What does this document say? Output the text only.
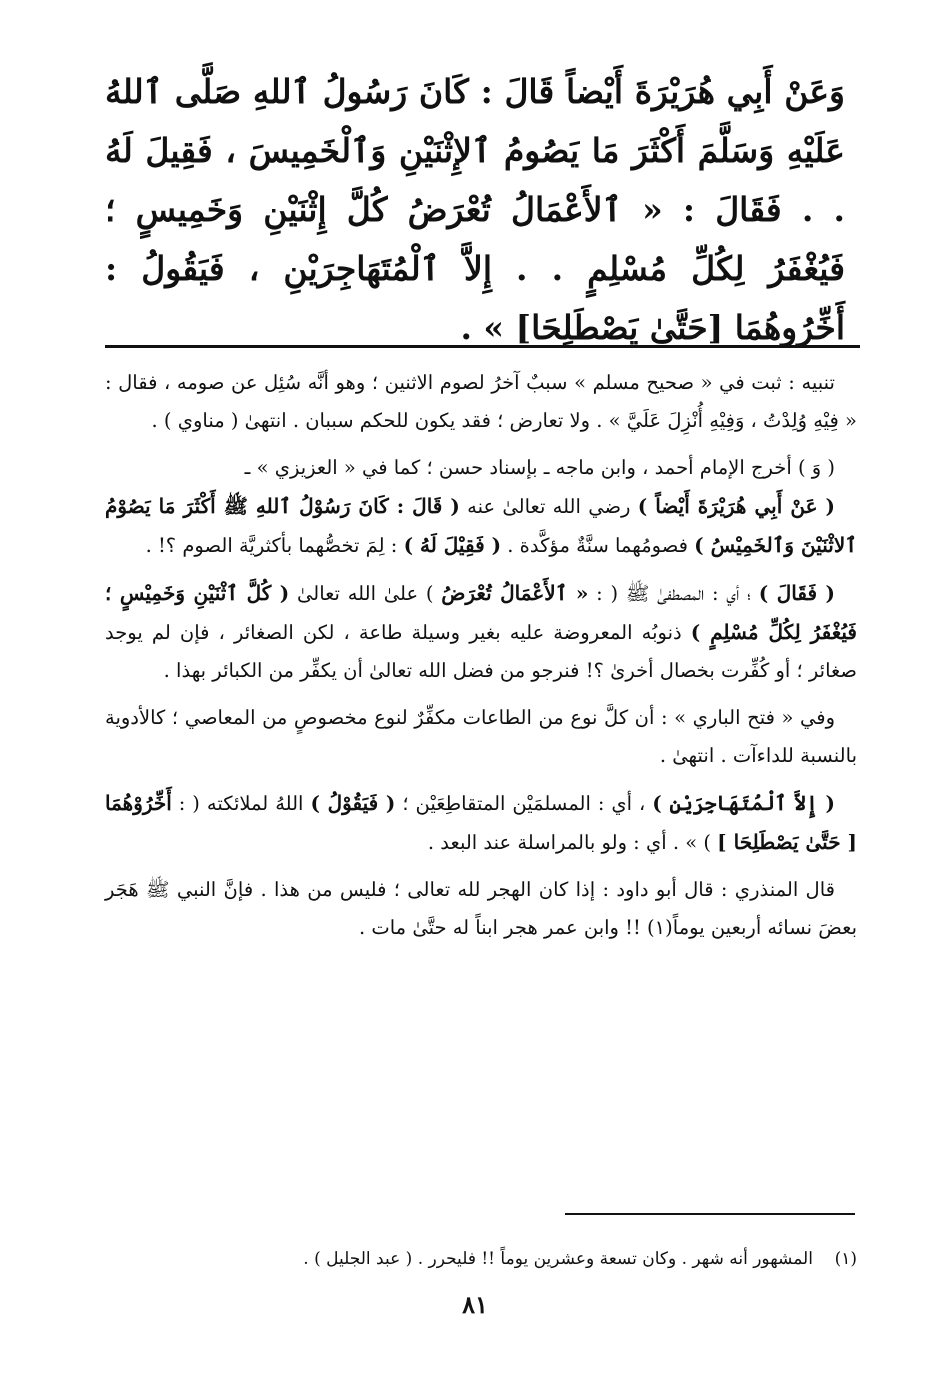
وَعَنْ أَبِي هُرَيْرَةَ أَيْضاً قَالَ : كَانَ رَسُولُ ٱللهِ صَلَّى ٱللهُ عَلَيْهِ وَسَلَّمَ أَكْثَرَ مَا يَصُومُ ٱلإِثْنَيْنِ وَٱلْخَمِيسَ ، فَقِيلَ لَهُ . . فَقَالَ : « ٱلأَعْمَالُ تُعْرَضُ كُلَّ إِثْنَيْنِ وَخَمِيسٍ ؛ فَيُغْفَرُ لِكُلِّ مُسْلِمٍ . . إِلاَّ ٱلْمُتَهَاجِرَيْنِ ، فَيَقُولُ : أَخِّرُوهُمَا [حَتَّىٰ يَصْطَلِحَا] » .

تنبيه : ثبت في « صحيح مسلم » سببٌ آخرُ لصوم الاثنين ؛ وهو أنَّه سُئِل عن صومه ، فقال : « فِيْهِ وُلِدْتُ ، وَفِيْهِ أُنْزِلَ عَلَيَّ » . ولا تعارض ؛ فقد يكون للحكم سببان . انتهىٰ ( مناوي ) .

( وَ ) أخرج الإمام أحمد ، وابن ماجه ـ بإسناد حسن ؛ كما في « العزيزي » ـ

( عَنْ أَبِي هُرَيْرَةَ أَيْضاً ) رضي الله تعالىٰ عنه ( قَالَ : كَانَ رَسُوْلُ ٱللهِ ﷺ أَكْثَرَ مَا يَصُوْمُ ٱلاثْنَيْنَ وَٱلخَمِيْسُ ) فصومُهما سنَّةٌ مؤكَّدة . ( فَقِيْلَ لَهُ ) : لِمَ تخصُّهما بأكثريَّة الصوم ؟! .

( فَقَالَ ) ؛ أي : المصطفىٰ ﷺ ( : « ٱلأَعْمَالُ تُعْرَضُ ) علىٰ الله تعالىٰ ( كُلَّ ٱثْنَيْنِ وَخَمِيْسٍ ؛ فَيُغْفَرُ لِكُلِّ مُسْلِمٍ ) ذنوبُه المعروضة عليه بغير وسيلة طاعة ، لكن الصغائر ، فإن لم يوجد صغائر ؛ أو كُفِّرت بخصال أخرىٰ ؟! فنرجو من فضل الله تعالىٰ أن يكفِّر من الكبائر بهذا .

وفي « فتح الباري » : أن كلَّ نوع من الطاعات مكفِّرٌ لنوع مخصوصٍ من المعاصي ؛ كالأدوية بالنسبة للداءآت . انتهىٰ .

( إِلاَّ ٱلْمُتَهَاجِرَيْنِ ) ، أي : المسلمَيْن المتقاطِعَيْن ؛ ( فَيَقُوْلُ ) اللهُ لملائكته ( : أَخِّرُوْهُمَا [ حَتَّىٰ يَصْطَلِحَا ] ) » . أي : ولو بالمراسلة عند البعد .

قال المنذري : قال أبو داود : إذا كان الهجر لله تعالى ؛ فليس من هذا . فإنَّ النبي ﷺ هَجَر بعضَ نسائه أربعين يوماً(١) !! وابن عمر هجر ابناً له حتَّىٰ مات .

(١)    المشهور أنه شهر . وكان تسعة وعشرين يوماً !! فليحرر . ( عبد الجليل ) .
٨١
